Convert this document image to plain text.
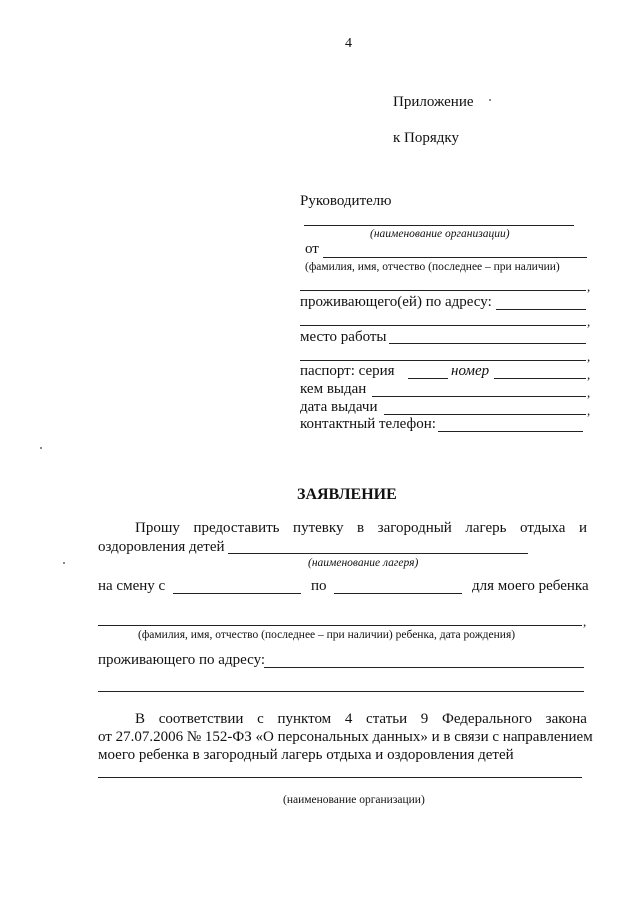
4
Приложение
к Порядку
Руководителю
(наименование организации)
от
(фамилия, имя, отчество (последнее – при наличии)
,
проживающего(ей) по адресу:
,
место работы
,
паспорт: серия	номер	,
кем выдан	,
дата выдачи	,
контактный телефон:
ЗАЯВЛЕНИЕ
Прошу предоставить путевку в загородный лагерь отдыха и
оздоровления детей
(наименование лагеря)
на смену с	по	для моего ребенка
,
(фамилия, имя, отчество (последнее – при наличии) ребенка, дата рождения)
проживающего по адресу:
В соответствии с пунктом 4 статьи 9 Федерального закона
от 27.07.2006 № 152-ФЗ «О персональных данных» и в связи с направлением
моего ребенка в загородный лагерь отдыха и оздоровления детей
(наименование организации)
